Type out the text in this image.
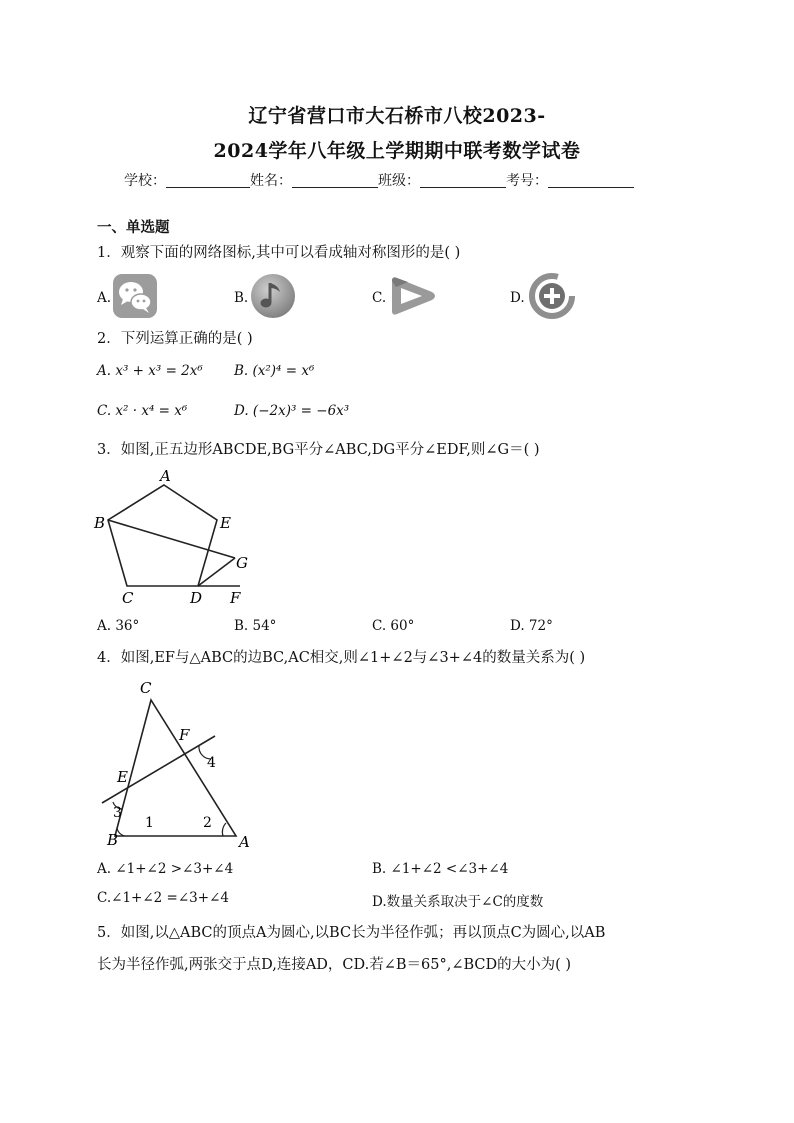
辽宁省营口市大石桥市八校2023-
2024学年八年级上学期期中联考数学试卷
学校：	姓名：	班级：	考号：
一、单选题
1．观察下面的网络图标,其中可以看成轴对称图形的是( )
A.	B.	C.	D.
2．下列运算正确的是( )
A. x³ + x³ = 2x⁶ B. (x²)⁴ = x⁶
C. x² · x⁴ = x⁶	D. (−2x)³ = −6x³
3．如图,正五边形ABCDE,BG平分∠ABC,DG平分∠EDF,则∠G＝( )
A
B
C	D
E
F
G
A. 36°	B. 54°	C. 60°	D. 72°
4．如图,EF与△ABC的边BC,AC相交,则∠1+∠2与∠3+∠4的数量关系为( )
C
F
E
B	A
1	2
3
4
A. ∠1+∠2 >∠3+∠4	B. ∠1+∠2 <∠3+∠4
C.∠1+∠2 =∠3+∠4	D.数量关系取决于∠C的度数
5．如图,以△ABC的顶点A为圆心,以BC长为半径作弧；再以顶点C为圆心,以AB
长为半径作弧,两张交于点D,连接AD，CD.若∠B＝65°,∠BCD的大小为( )
